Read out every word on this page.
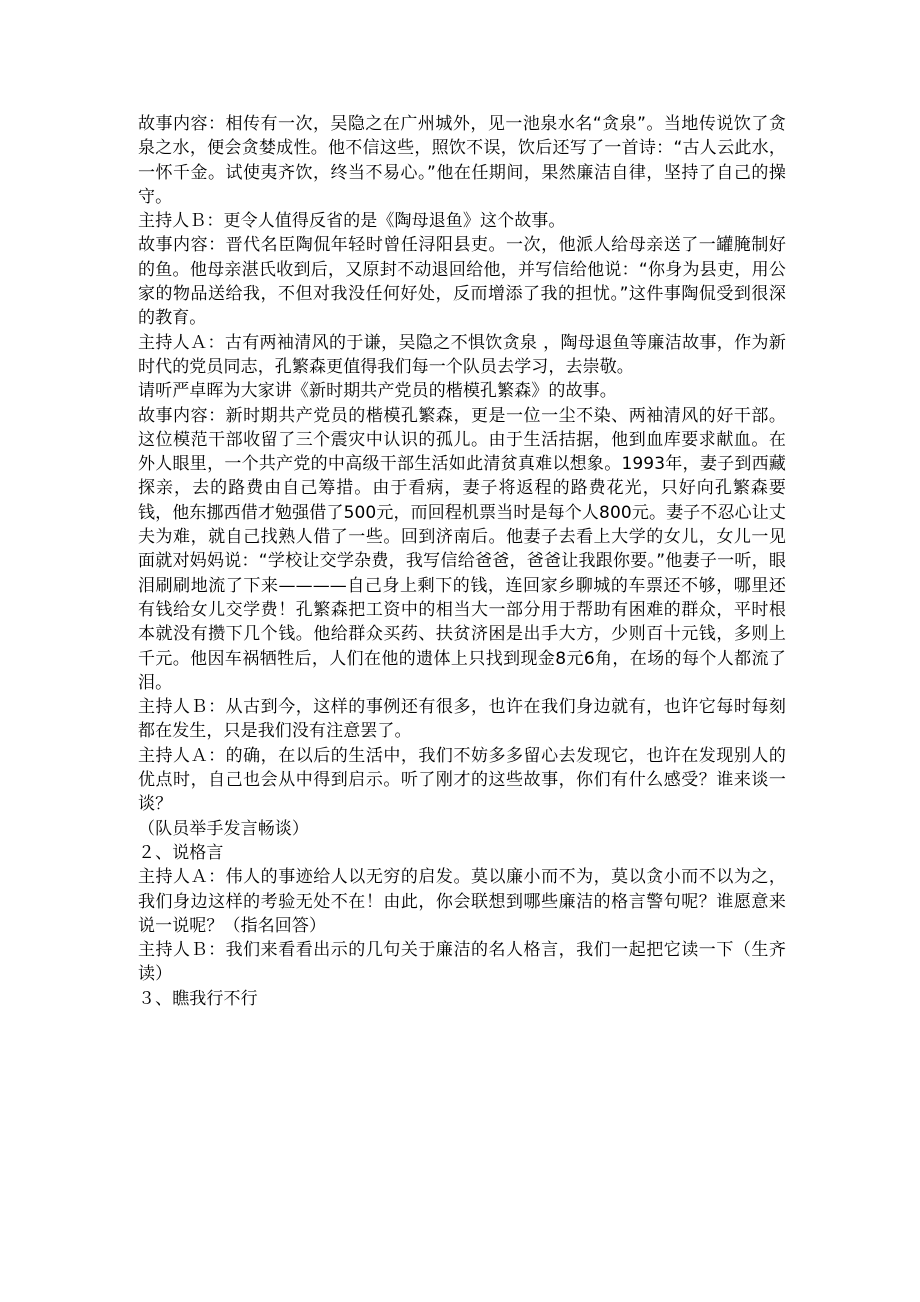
故事内容：相传有一次，吴隐之在广州城外，见一池泉水名“贪泉”。当地传说饮了贪泉之水，便会贪婪成性。他不信这些，照饮不误，饮后还写了一首诗：“古人云此水，一怀千金。试使夷齐饮，终当不易心。”他在任期间，果然廉洁自律，坚持了自己的操守。

主持人Ｂ：更令人值得反省的是《陶母退鱼》这个故事。

故事内容：晋代名臣陶侃年轻时曾任浔阳县吏。一次，他派人给母亲送了一罐腌制好的鱼。他母亲湛氏收到后，又原封不动退回给他，并写信给他说：“你身为县吏，用公家的物品送给我，不但对我没任何好处，反而增添了我的担忧。”这件事陶侃受到很深的教育。

主持人Ａ：古有两袖清风的于谦，吴隐之不惧饮贪泉 ，陶母退鱼等廉洁故事，作为新时代的党员同志，孔繁森更值得我们每一个队员去学习，去崇敬。

请听严卓晖为大家讲《新时期共产党员的楷模孔繁森》的故事。

故事内容：新时期共产党员的楷模孔繁森，更是一位一尘不染、两袖清风的好干部。这位模范干部收留了三个震灾中认识的孤儿。由于生活拮据，他到血库要求献血。在外人眼里，一个共产党的中高级干部生活如此清贫真难以想象。1993年，妻子到西藏探亲，去的路费由自己筹措。由于看病，妻子将返程的路费花光，只好向孔繁森要钱，他东挪西借才勉强借了500元，而回程机票当时是每个人800元。妻子不忍心让丈夫为难，就自己找熟人借了一些。回到济南后。他妻子去看上大学的女儿，女儿一见面就对妈妈说：“学校让交学杂费，我写信给爸爸，爸爸让我跟你要。”他妻子一听，眼泪刷刷地流了下来————自己身上剩下的钱，连回家乡聊城的车票还不够，哪里还有钱给女儿交学费！孔繁森把工资中的相当大一部分用于帮助有困难的群众，平时根本就没有攒下几个钱。他给群众买药、扶贫济困是出手大方，少则百十元钱，多则上千元。他因车祸牺牲后，人们在他的遗体上只找到现金8元6角，在场的每个人都流了泪。

主持人Ｂ：从古到今，这样的事例还有很多，也许在我们身边就有，也许它每时每刻都在发生，只是我们没有注意罢了。

主持人Ａ：的确，在以后的生活中，我们不妨多多留心去发现它，也许在发现别人的优点时，自己也会从中得到启示。听了刚才的这些故事，你们有什么感受？谁来谈一谈？

（队员举手发言畅谈）

２、说格言

主持人Ａ：伟人的事迹给人以无穷的启发。莫以廉小而不为，莫以贪小而不以为之，我们身边这样的考验无处不在！由此，你会联想到哪些廉洁的格言警句呢？谁愿意来说一说呢？（指名回答）

主持人Ｂ：我们来看看出示的几句关于廉洁的名人格言，我们一起把它读一下（生齐读）

３、瞧我行不行
